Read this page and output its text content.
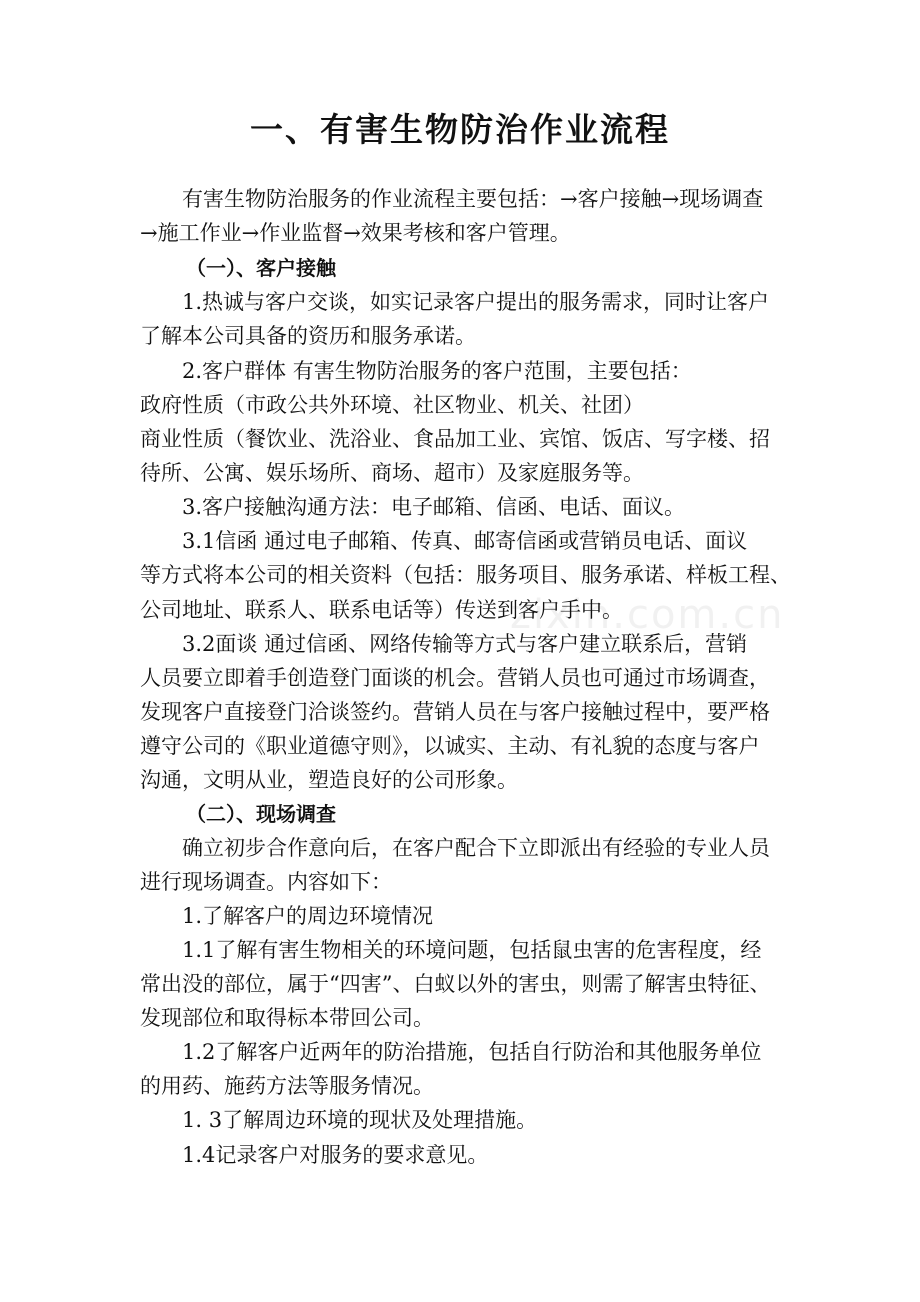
一、有害生物防治作业流程
zixin.com.cn

有害生物防治服务的作业流程主要包括：→客户接触→现场调查

→施工作业→作业监督→效果考核和客户管理。

（一）、客户接触

1.热诚与客户交谈，如实记录客户提出的服务需求，同时让客户

了解本公司具备的资历和服务承诺。

2.客户群体 有害生物防治服务的客户范围，主要包括：

政府性质（市政公共外环境、社区物业、机关、社团）

商业性质（餐饮业、洗浴业、食品加工业、宾馆、饭店、写字楼、招

待所、公寓、娱乐场所、商场、超市）及家庭服务等。

3.客户接触沟通方法：电子邮箱、信函、电话、面议。

3.1信函 通过电子邮箱、传真、邮寄信函或营销员电话、面议

等方式将本公司的相关资料（包括：服务项目、服务承诺、样板工程、

公司地址、联系人、联系电话等）传送到客户手中。

3.2面谈 通过信函、网络传输等方式与客户建立联系后，营销

人员要立即着手创造登门面谈的机会。营销人员也可通过市场调查，

发现客户直接登门洽谈签约。营销人员在与客户接触过程中，要严格

遵守公司的《职业道德守则》，以诚实、主动、有礼貌的态度与客户

沟通，文明从业，塑造良好的公司形象。

（二）、现场调查

确立初步合作意向后，在客户配合下立即派出有经验的专业人员

进行现场调查。内容如下：

1.了解客户的周边环境情况

1.1了解有害生物相关的环境问题，包括鼠虫害的危害程度，经

常出没的部位，属于“四害”、白蚁以外的害虫，则需了解害虫特征、

发现部位和取得标本带回公司。

1.2了解客户近两年的防治措施，包括自行防治和其他服务单位

的用药、施药方法等服务情况。

1. 3了解周边环境的现状及处理措施。

1.4记录客户对服务的要求意见。
